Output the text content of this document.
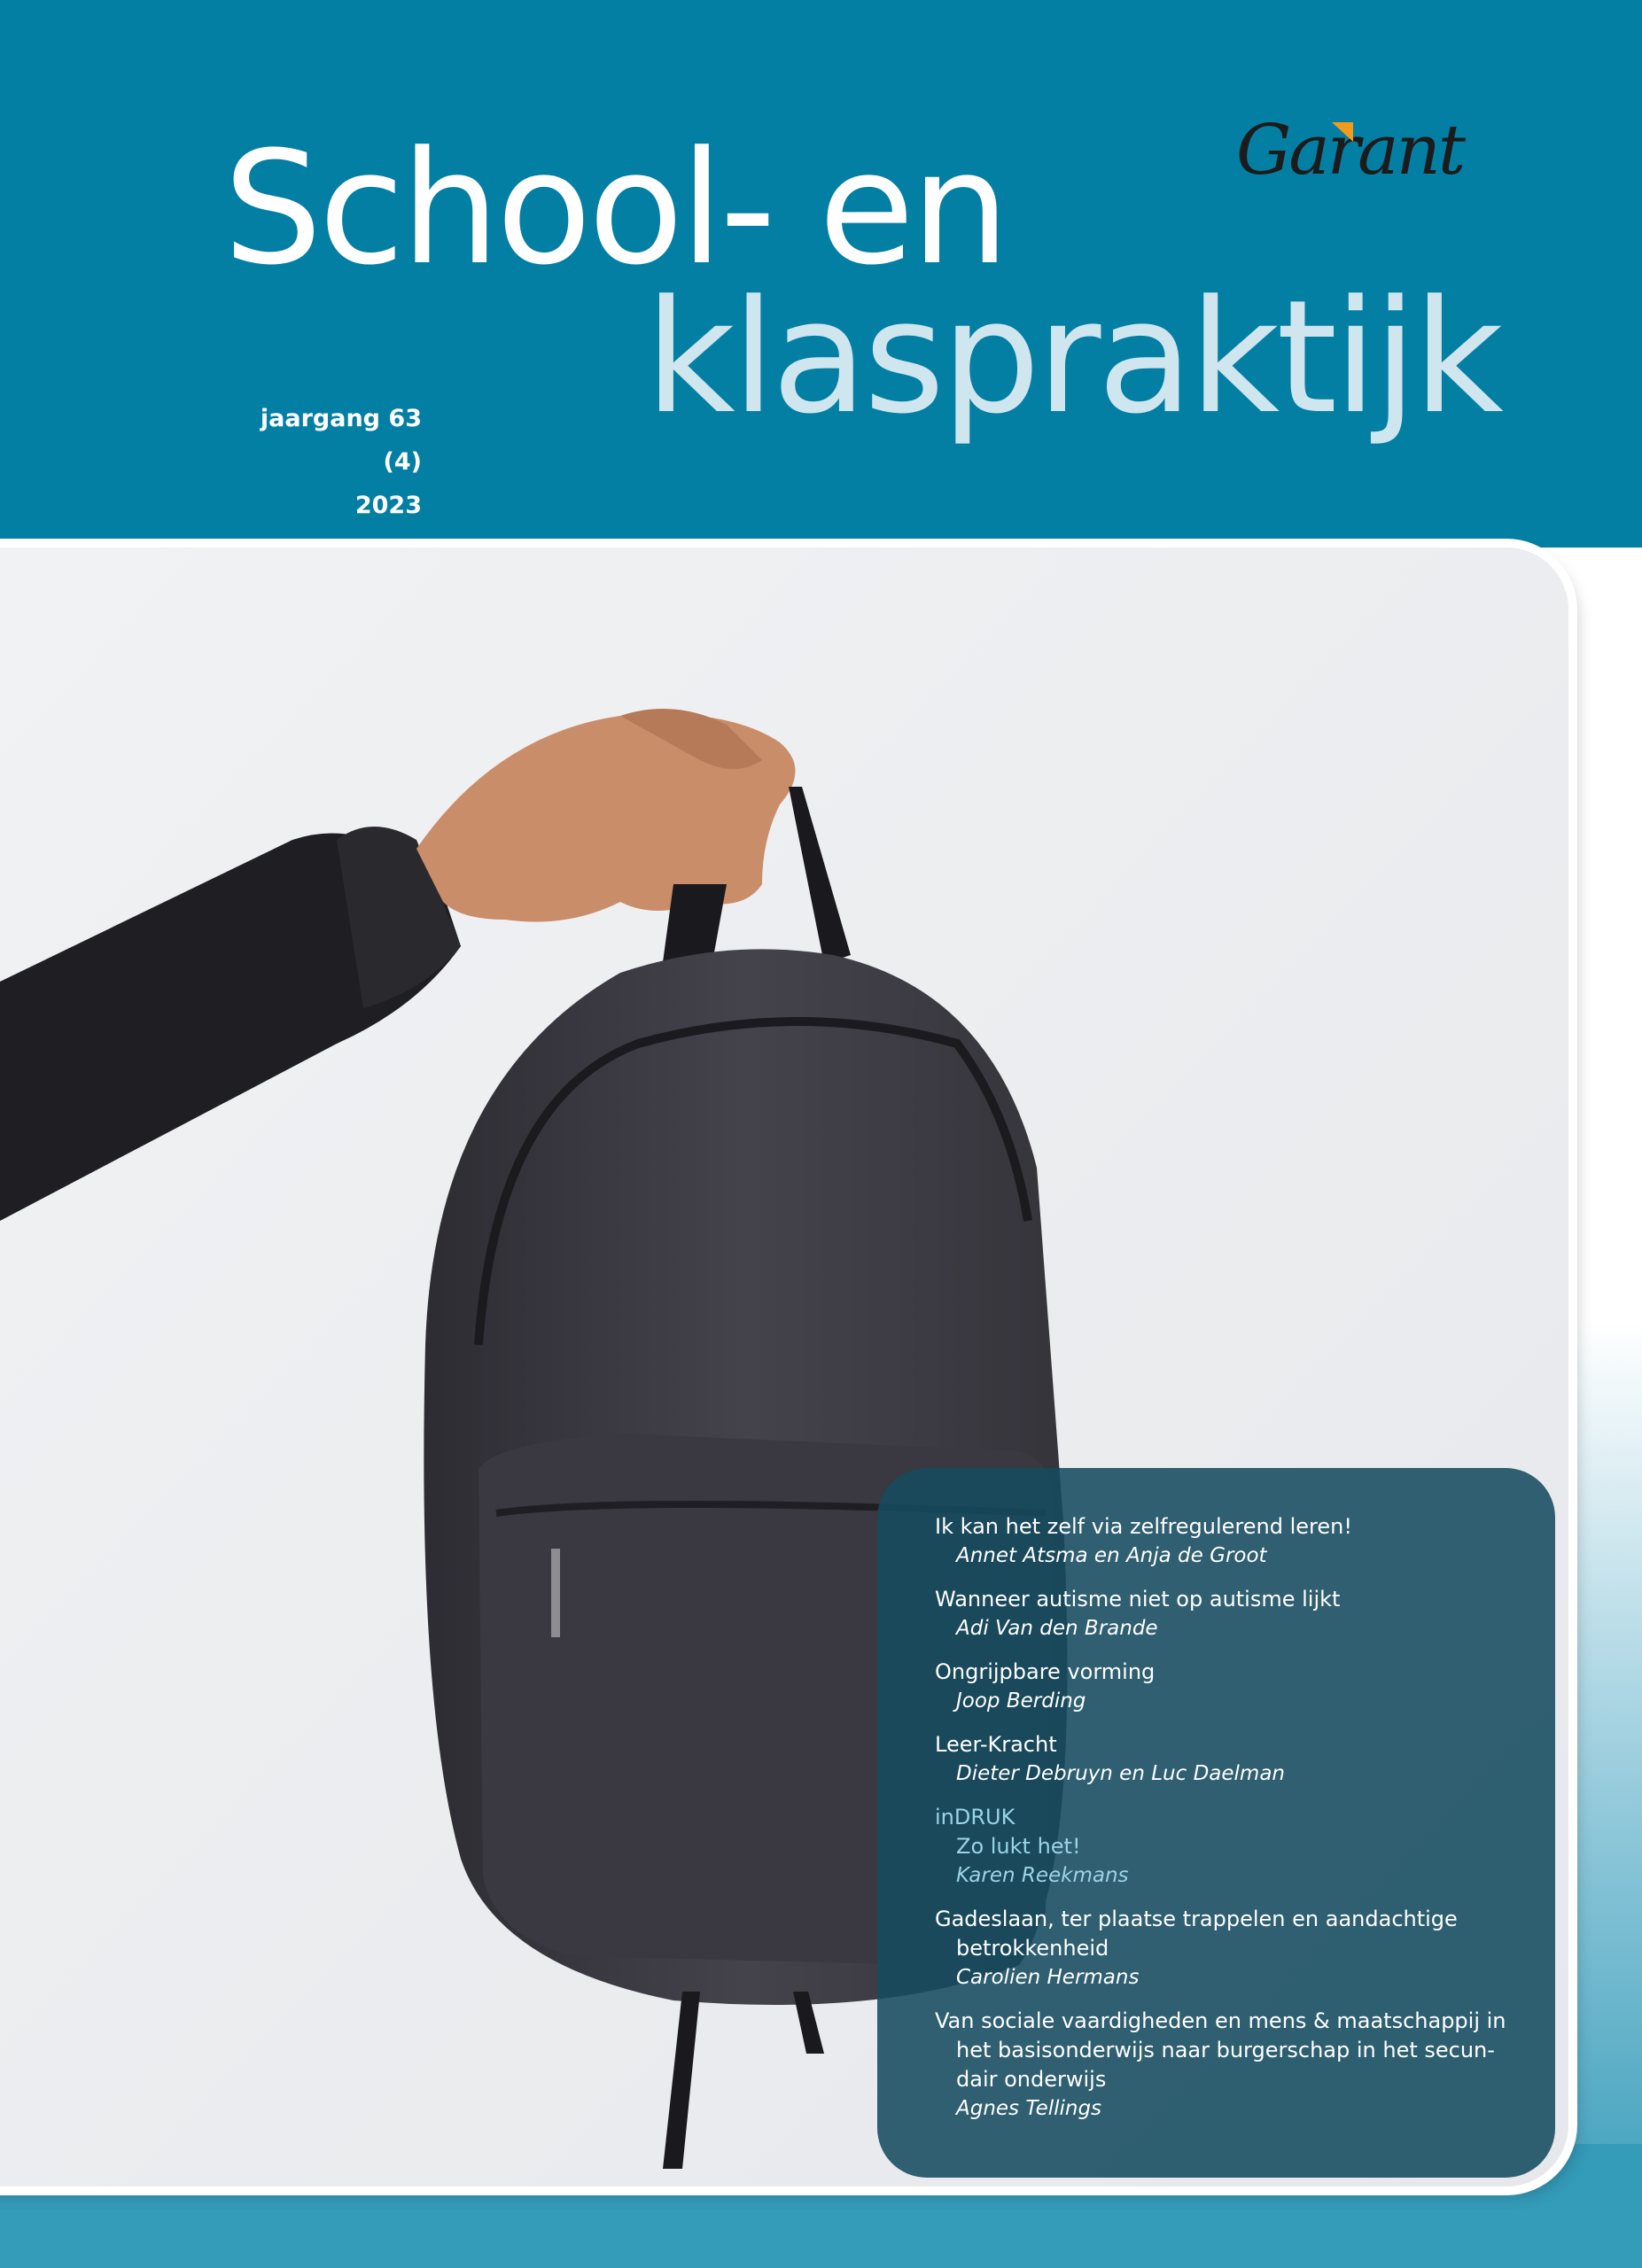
School- en
klaspraktijk
jaargang 63 (4)
2023
Garant
Ik kan het zelf via zelfregulerend leren!
Annet Atsma en Anja de Groot
Wanneer autisme niet op autisme lijkt
Adi Van den Brande
Ongrijpbare vorming
Joop Berding
Leer-Kracht
Dieter Debruyn en Luc Daelman
inDRUK
Zo lukt het!
Karen Reekmans
Gadeslaan, ter plaatse trappelen en aandachtige betrokkenheid
Carolien Hermans
Van sociale vaardigheden en mens & maatschappij in het basisonderwijs naar burgerschap in het secun- dair onderwijs
Agnes Tellings
